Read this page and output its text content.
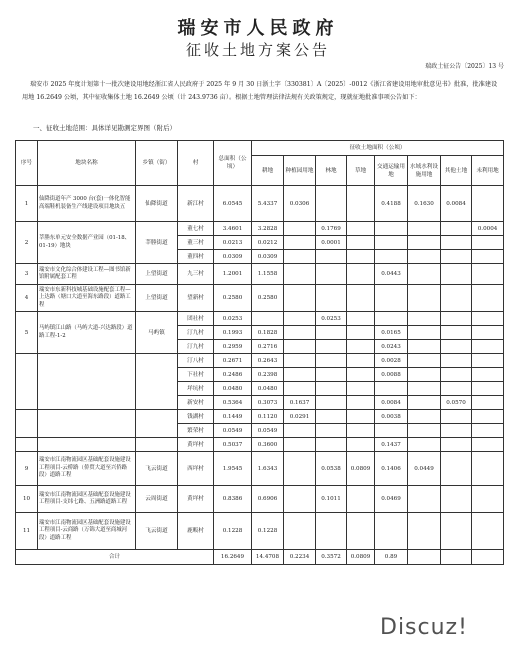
瑞安市人民政府
征收土地方案公告
瑞政土征公告〔2025〕13 号
瑞安市 2025 年度计划第十一批次建设用地经浙江省人民政府于 2025 年 9 月 30 日浙土字〔330381〕A〔2025〕-0012《浙江省建设用地审批意见书》批准，批准建设用地 16.2649 公顷，其中征收集体土地 16.2649 公顷（计 243.9736 亩）。根据土地管理法律法规有关政策规定，现就征地批准事项公告如下：
一、征收土地范围：具体详见勘测定界图（附后）
序号	地块名称	乡镇（街）	村	总面积（公顷）	征收土地面积（公顷）							
					耕地	种植园用地	林地	草地	交通运输用地	水域水利设施用地	其他土地	未利用地
1	仙降街道年产 3000 台(套)一体化智能高端鞋机装备生产线建设项目地块五	仙降街道	新江村	6.0545	5.4337	0.0306			0.4188	0.1630	0.0084	
2	莘塍东单元安全数据产业园（01-18、01-19）地块	莘塍街道	董七村	3.4601	3.2828		0.1769					0.0004
			董三村	0.0213	0.0212		0.0001					
			董四村	0.0309	0.0309							
3	瑞安市文化综合体建设工程—图书馆新馆附属配套工程	上望街道	九三村	1.2001	1.1558				0.0443			
4	瑞安市东新科技城基础设施配套工程—上达路（塘口大道至海东路段）道路工程	上望街道	望新村	0.2580	0.2580							
5	马屿镇江山路（马屿大道-兴达路段）道路工程-1-2	马屿镇	团社村	0.0253			0.0253					
			汀九村	0.1993	0.1828				0.0165			
			汀九村	0.2959	0.2716				0.0243			
			汀八村	0.2671	0.2643				0.0028			
			下社村	0.2486	0.2398				0.0088			
			垟坑村	0.0480	0.0480							
			新安村	0.5364	0.3073	0.1637			0.0084		0.0570	
			钱湖村	0.1449	0.1120	0.0291			0.0038			
			繁荣村	0.0549	0.0549							
			黄垟村	0.5037	0.3600				0.1437			
9	瑞安市江南物流园区基础配套设施建设工程项目-云桥路（侨贸大道至兴侨路段）道路工程	飞云街道	西垟村	1.9545	1.6343		0.0538	0.0809	0.1406	0.0449		
10	瑞安市江南物流园区基础配套设施建设工程项目-支纬七路、五洲路道路工程	云周街道	黄垟村	0.8386	0.6906		0.1011		0.0469			
11	瑞安市江南物流园区基础配套设施建设工程项目-云商路（万锦大道至商城河段）道路工程	飞云街道	鹿畈村	0.1228	0.1228							
合计				16.2649	14.4708	0.2234	0.3572	0.0809	0.89			
Discuz!
